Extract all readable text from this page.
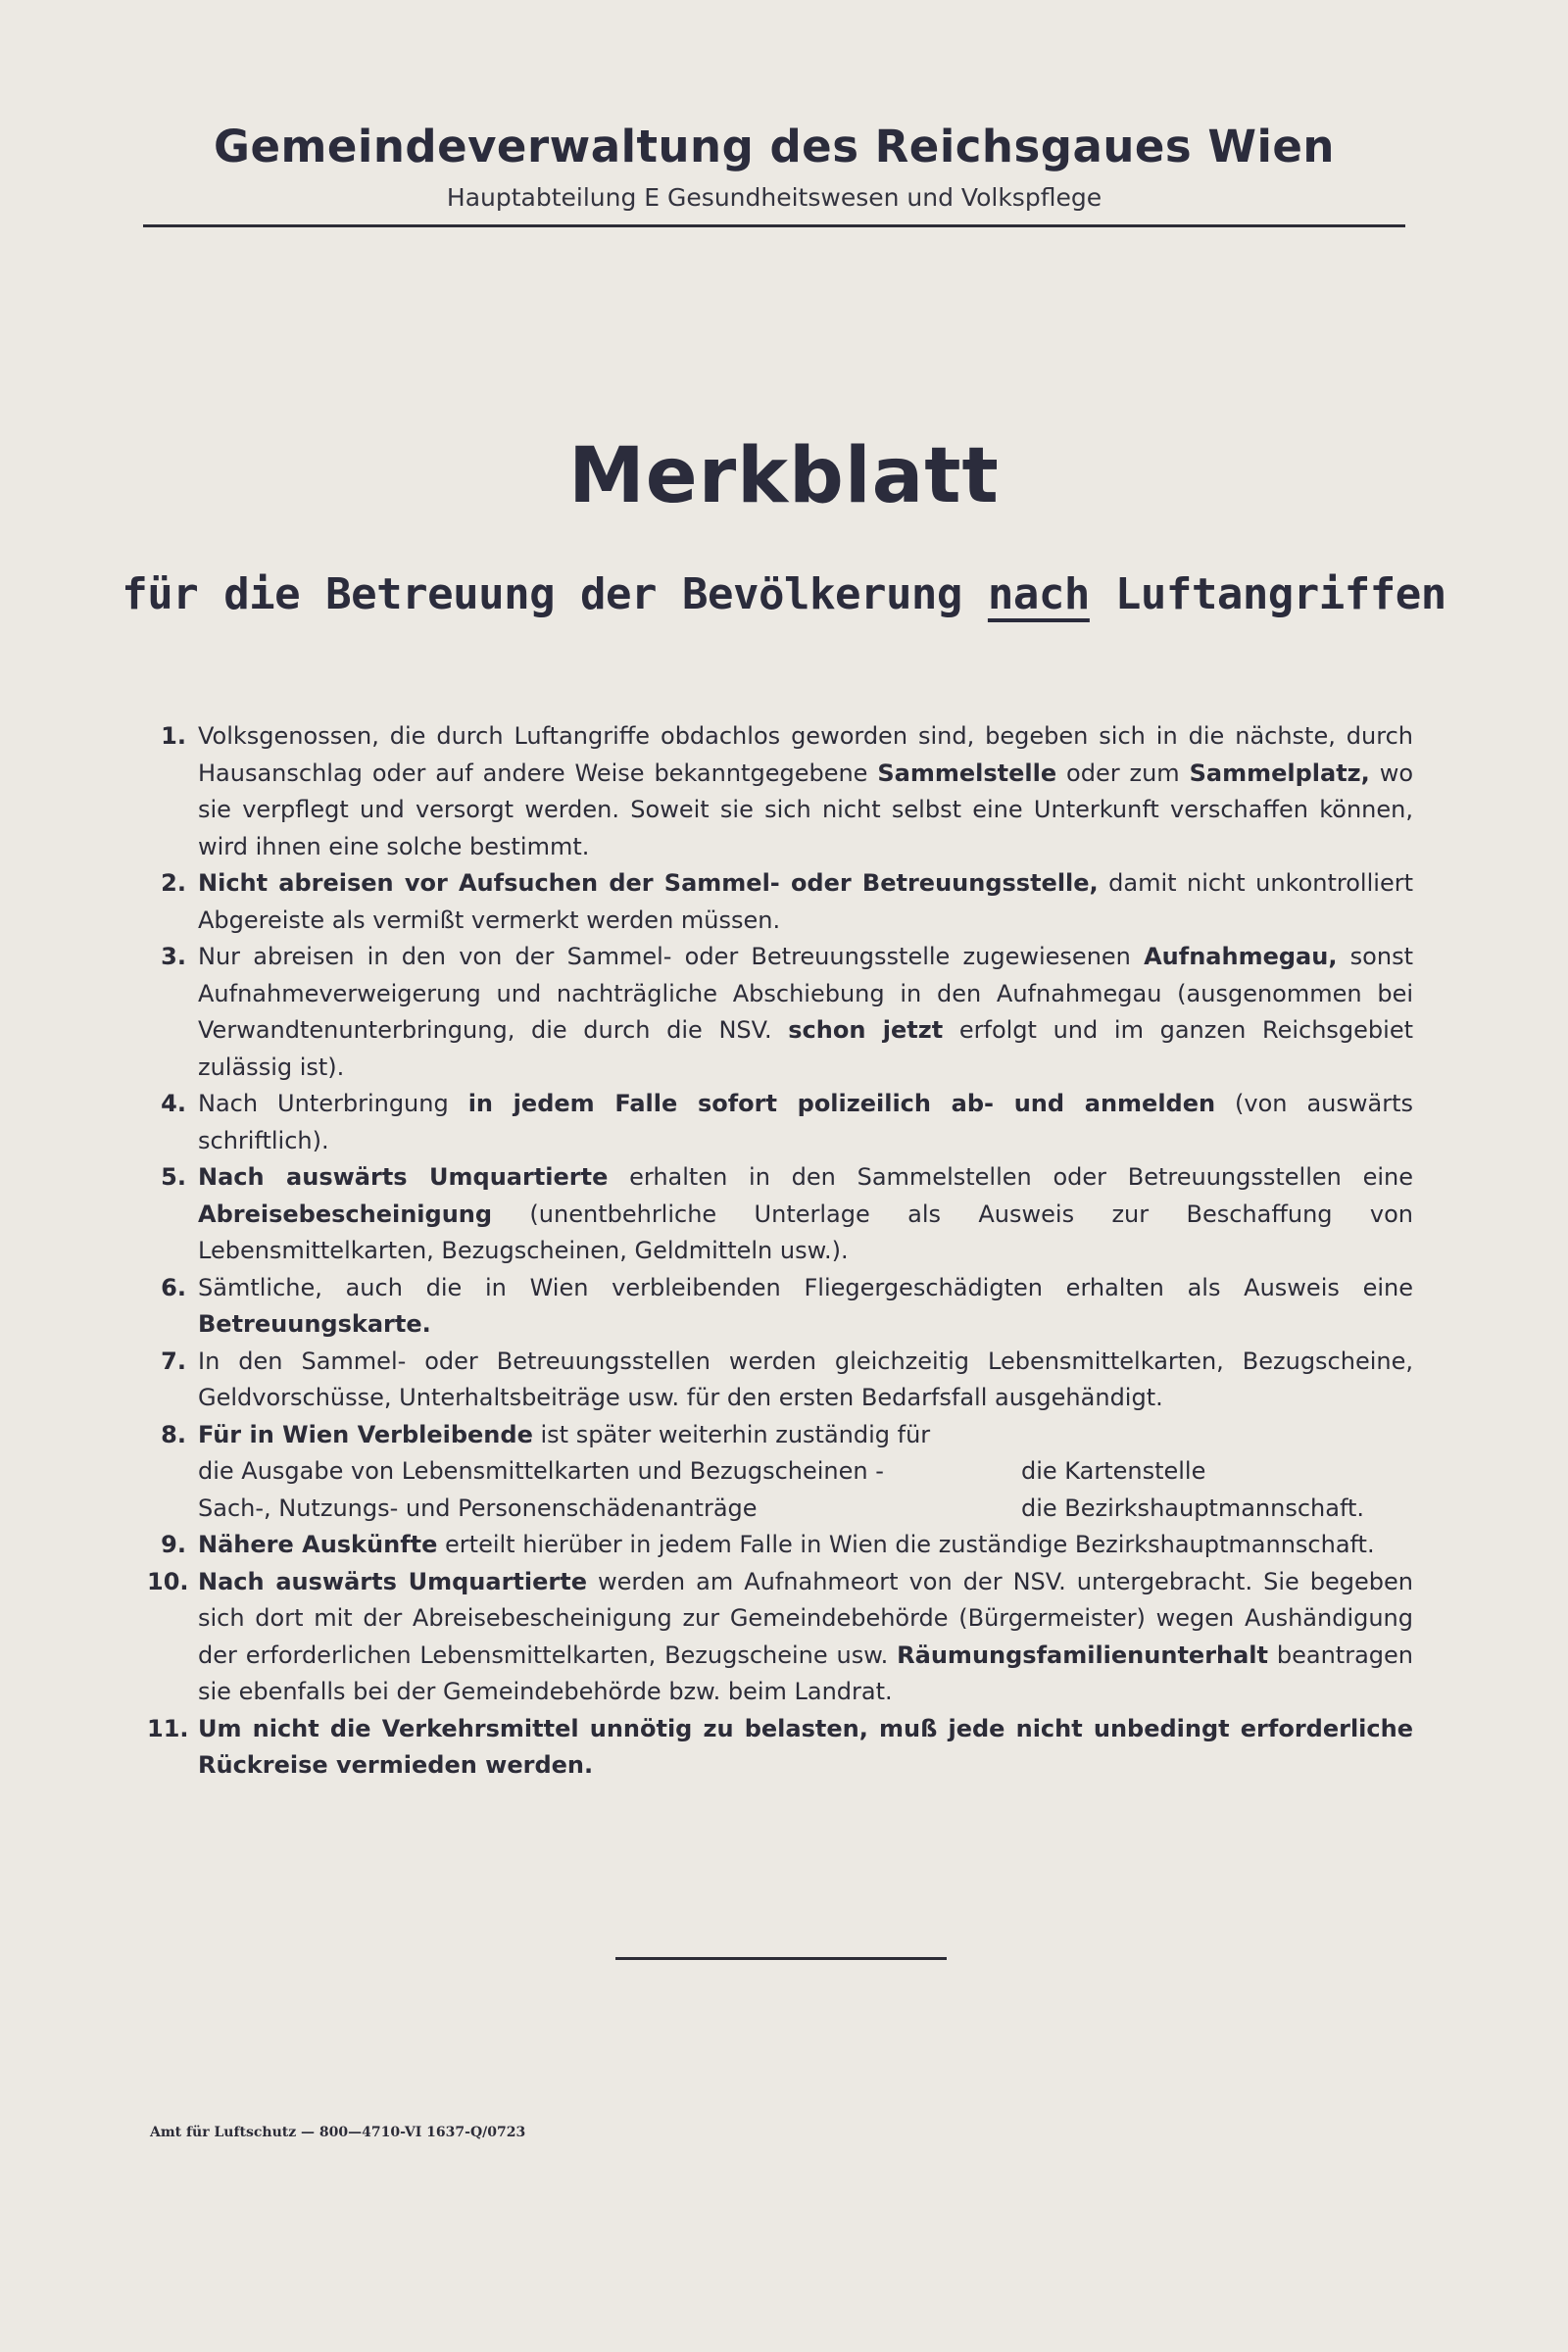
Gemeindeverwaltung des Reichsgaues Wien

Hauptabteilung E Gesundheitswesen und Volkspflege

Merkblatt
für die Betreuung der Bevölkerung nach Luftangriffen
1. Volksgenossen, die durch Luftangriffe obdachlos geworden sind, begeben sich in die nächste, durch Hausanschlag oder auf andere Weise bekanntgegebene Sammelstelle oder zum Sammelplatz, wo sie verpflegt und versorgt werden. Soweit sie sich nicht selbst eine Unterkunft verschaffen können, wird ihnen eine solche bestimmt.
2. Nicht abreisen vor Aufsuchen der Sammel- oder Betreuungsstelle, damit nicht unkontrolliert Abgereiste als vermißt vermerkt werden müssen.
3. Nur abreisen in den von der Sammel- oder Betreuungsstelle zugewiesenen Aufnahmegau, sonst Aufnahmeverweigerung und nachträgliche Abschiebung in den Aufnahmegau (ausgenommen bei Verwandtenunterbringung, die durch die NSV. schon jetzt erfolgt und im ganzen Reichsgebiet zulässig ist).
4. Nach Unterbringung in jedem Falle sofort polizeilich ab- und anmelden (von auswärts schriftlich).
5. Nach auswärts Umquartierte erhalten in den Sammelstellen oder Betreuungsstellen eine Abreisebescheinigung (unentbehrliche Unterlage als Ausweis zur Beschaffung von Lebensmittelkarten, Bezugscheinen, Geldmitteln usw.).
6. Sämtliche, auch die in Wien verbleibenden Fliegergeschädigten erhalten als Ausweis eine Betreuungskarte.
7. In den Sammel- oder Betreuungsstellen werden gleichzeitig Lebensmittelkarten, Bezugscheine, Geldvorschüsse, Unterhaltsbeiträge usw. für den ersten Bedarfsfall ausgehändigt.
8. Für in Wien Verbleibende ist später weiterhin zuständig für
die Ausgabe von Lebensmittelkarten und Bezugscheinen -	die Kartenstelle
Sach-, Nutzungs- und Personenschädenanträge	die Bezirkshauptmannschaft.
9. Nähere Auskünfte erteilt hierüber in jedem Falle in Wien die zuständige Bezirkshauptmannschaft.
10. Nach auswärts Umquartierte werden am Aufnahmeort von der NSV. untergebracht. Sie begeben sich dort mit der Abreisebescheinigung zur Gemeindebehörde (Bürgermeister) wegen Aushändigung der erforderlichen Lebensmittelkarten, Bezugscheine usw. Räumungsfamilienunterhalt beantragen sie ebenfalls bei der Gemeindebehörde bzw. beim Landrat.
11. Um nicht die Verkehrsmittel unnötig zu belasten, muß jede nicht unbedingt erforderliche Rückreise vermieden werden.

Amt für Luftschutz — 800—4710-VI 1637-Q/0723
